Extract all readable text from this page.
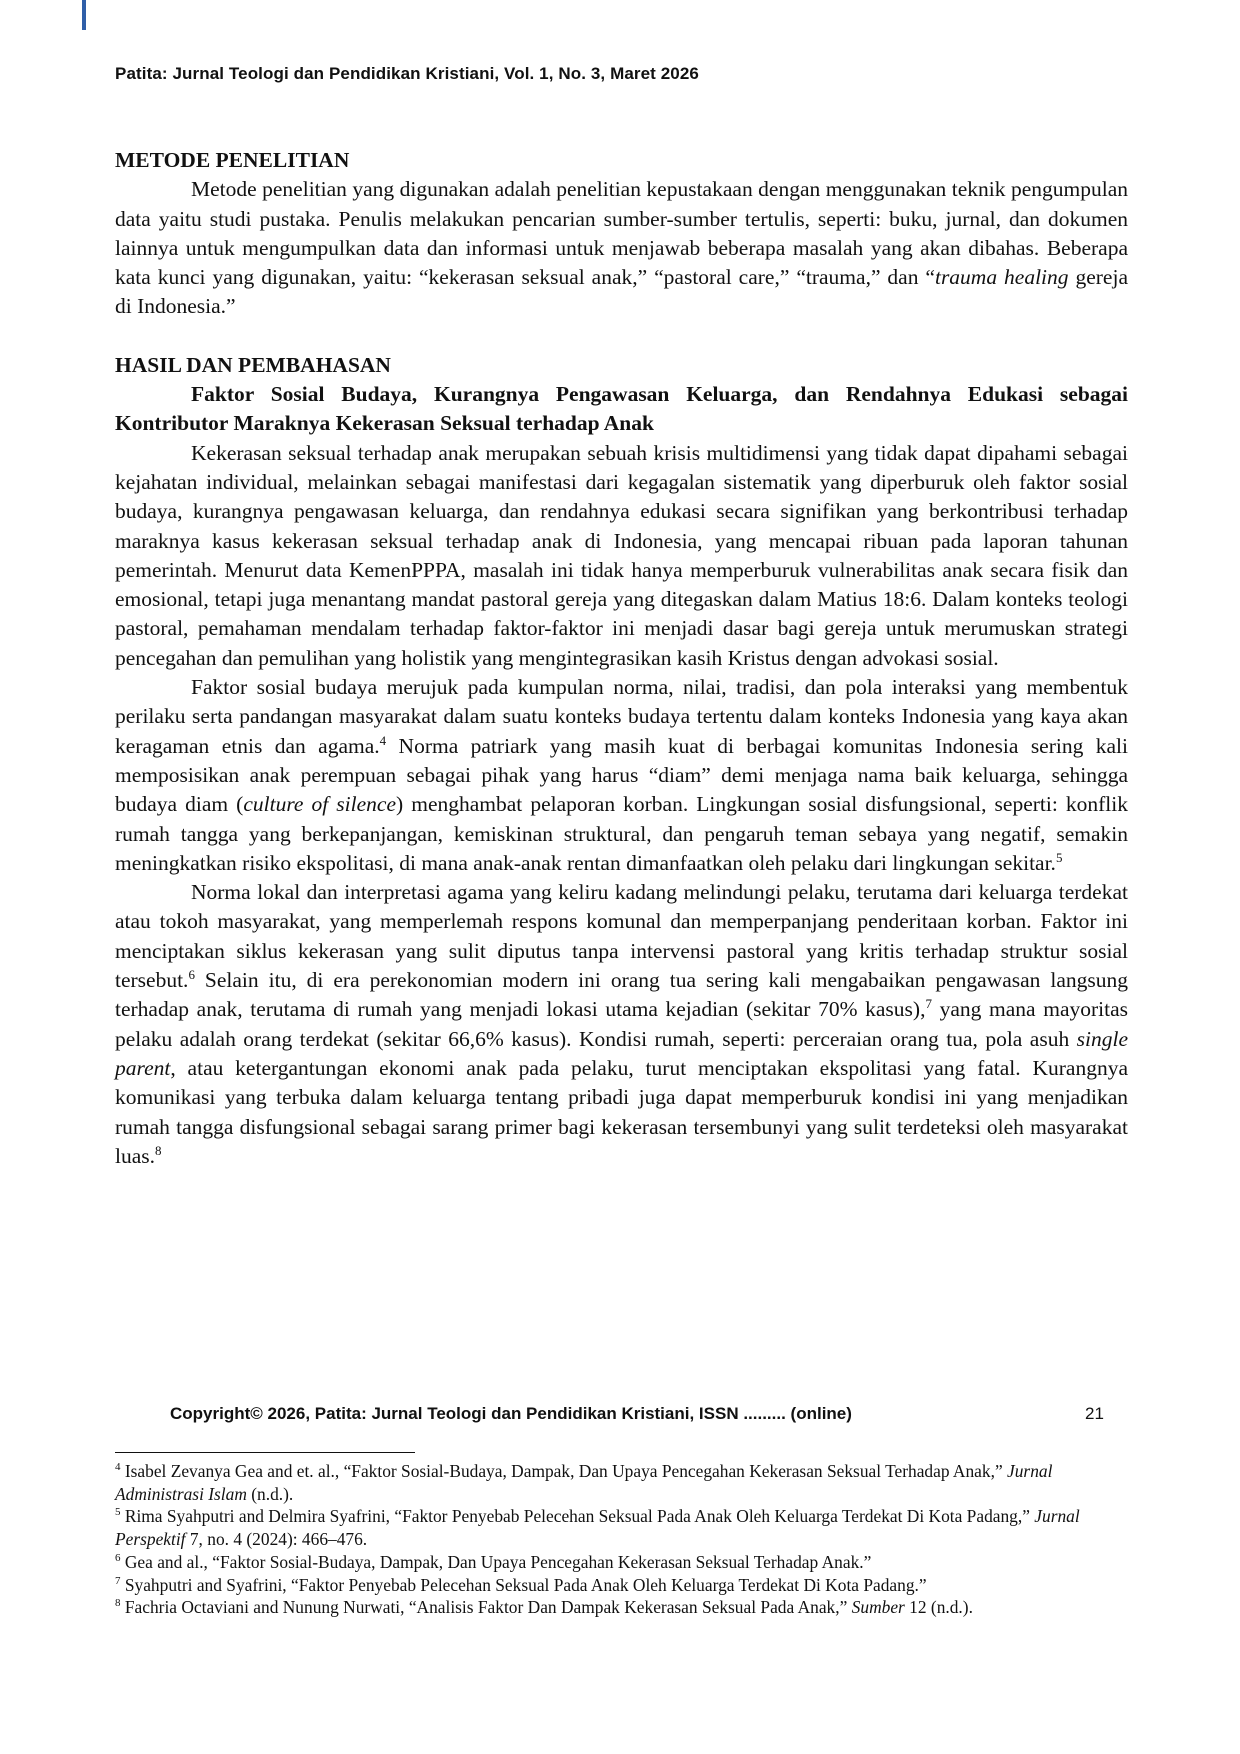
Patita: Jurnal Teologi dan Pendidikan Kristiani, Vol. 1, No. 3, Maret 2026

METODE PENELITIAN

Metode penelitian yang digunakan adalah penelitian kepustakaan dengan menggunakan teknik pengumpulan data yaitu studi pustaka. Penulis melakukan pencarian sumber-sumber tertulis, seperti: buku, jurnal, dan dokumen lainnya untuk mengumpulkan data dan informasi untuk menjawab beberapa masalah yang akan dibahas. Beberapa kata kunci yang digunakan, yaitu: “kekerasan seksual anak,” “pastoral care,” “trauma,” dan “trauma healing gereja di Indonesia.”

HASIL DAN PEMBAHASAN

Faktor Sosial Budaya, Kurangnya Pengawasan Keluarga, dan Rendahnya Edukasi sebagai Kontributor Maraknya Kekerasan Seksual terhadap Anak

Kekerasan seksual terhadap anak merupakan sebuah krisis multidimensi yang tidak dapat dipahami sebagai kejahatan individual, melainkan sebagai manifestasi dari kegagalan sistematik yang diperburuk oleh faktor sosial budaya, kurangnya pengawasan keluarga, dan rendahnya edukasi secara signifikan yang berkontribusi terhadap maraknya kasus kekerasan seksual terhadap anak di Indonesia, yang mencapai ribuan pada laporan tahunan pemerintah. Menurut data KemenPPPA, masalah ini tidak hanya memperburuk vulnerabilitas anak secara fisik dan emosional, tetapi juga menantang mandat pastoral gereja yang ditegaskan dalam Matius 18:6. Dalam konteks teologi pastoral, pemahaman mendalam terhadap faktor-faktor ini menjadi dasar bagi gereja untuk merumuskan strategi pencegahan dan pemulihan yang holistik yang mengintegrasikan kasih Kristus dengan advokasi sosial.

Faktor sosial budaya merujuk pada kumpulan norma, nilai, tradisi, dan pola interaksi yang membentuk perilaku serta pandangan masyarakat dalam suatu konteks budaya tertentu dalam konteks Indonesia yang kaya akan keragaman etnis dan agama.$^4$ Norma patriark yang masih kuat di berbagai komunitas Indonesia sering kali memposisikan anak perempuan sebagai pihak yang harus “diam” demi menjaga nama baik keluarga, sehingga budaya diam (culture of silence) menghambat pelaporan korban. Lingkungan sosial disfungsional, seperti: konflik rumah tangga yang berkepanjangan, kemiskinan struktural, dan pengaruh teman sebaya yang negatif, semakin meningkatkan risiko ekspolitasi, di mana anak-anak rentan dimanfaatkan oleh pelaku dari lingkungan sekitar.$^5$

Norma lokal dan interpretasi agama yang keliru kadang melindungi pelaku, terutama dari keluarga terdekat atau tokoh masyarakat, yang memperlemah respons komunal dan memperpanjang penderitaan korban. Faktor ini menciptakan siklus kekerasan yang sulit diputus tanpa intervensi pastoral yang kritis terhadap struktur sosial tersebut.$^6$ Selain itu, di era perekonomian modern ini orang tua sering kali mengabaikan pengawasan langsung terhadap anak, terutama di rumah yang menjadi lokasi utama kejadian (sekitar 70% kasus),$^7$ yang mana mayoritas pelaku adalah orang terdekat (sekitar 66,6% kasus). Kondisi rumah, seperti: perceraian orang tua, pola asuh single parent, atau ketergantungan ekonomi anak pada pelaku, turut menciptakan ekspolitasi yang fatal. Kurangnya komunikasi yang terbuka dalam keluarga tentang pribadi juga dapat memperburuk kondisi ini yang menjadikan rumah tangga disfungsional sebagai sarang primer bagi kekerasan tersembunyi yang sulit terdeteksi oleh masyarakat luas.$^8$

Copyright© 2026, Patita: Jurnal Teologi dan Pendidikan Kristiani, ISSN ......... (online)	21

$^4$ Isabel Zevanya Gea and et. al., “Faktor Sosial-Budaya, Dampak, Dan Upaya Pencegahan Kekerasan Seksual Terhadap Anak,” Jurnal Administrasi Islam (n.d.).

$^5$ Rima Syahputri and Delmira Syafrini, “Faktor Penyebab Pelecehan Seksual Pada Anak Oleh Keluarga Terdekat Di Kota Padang,” Jurnal Perspektif 7, no. 4 (2024): 466–476.

$^6$ Gea and al., “Faktor Sosial-Budaya, Dampak, Dan Upaya Pencegahan Kekerasan Seksual Terhadap Anak.”

$^7$ Syahputri and Syafrini, “Faktor Penyebab Pelecehan Seksual Pada Anak Oleh Keluarga Terdekat Di Kota Padang.”

$^8$ Fachria Octaviani and Nunung Nurwati, “Analisis Faktor Dan Dampak Kekerasan Seksual Pada Anak,” Sumber 12 (n.d.).
